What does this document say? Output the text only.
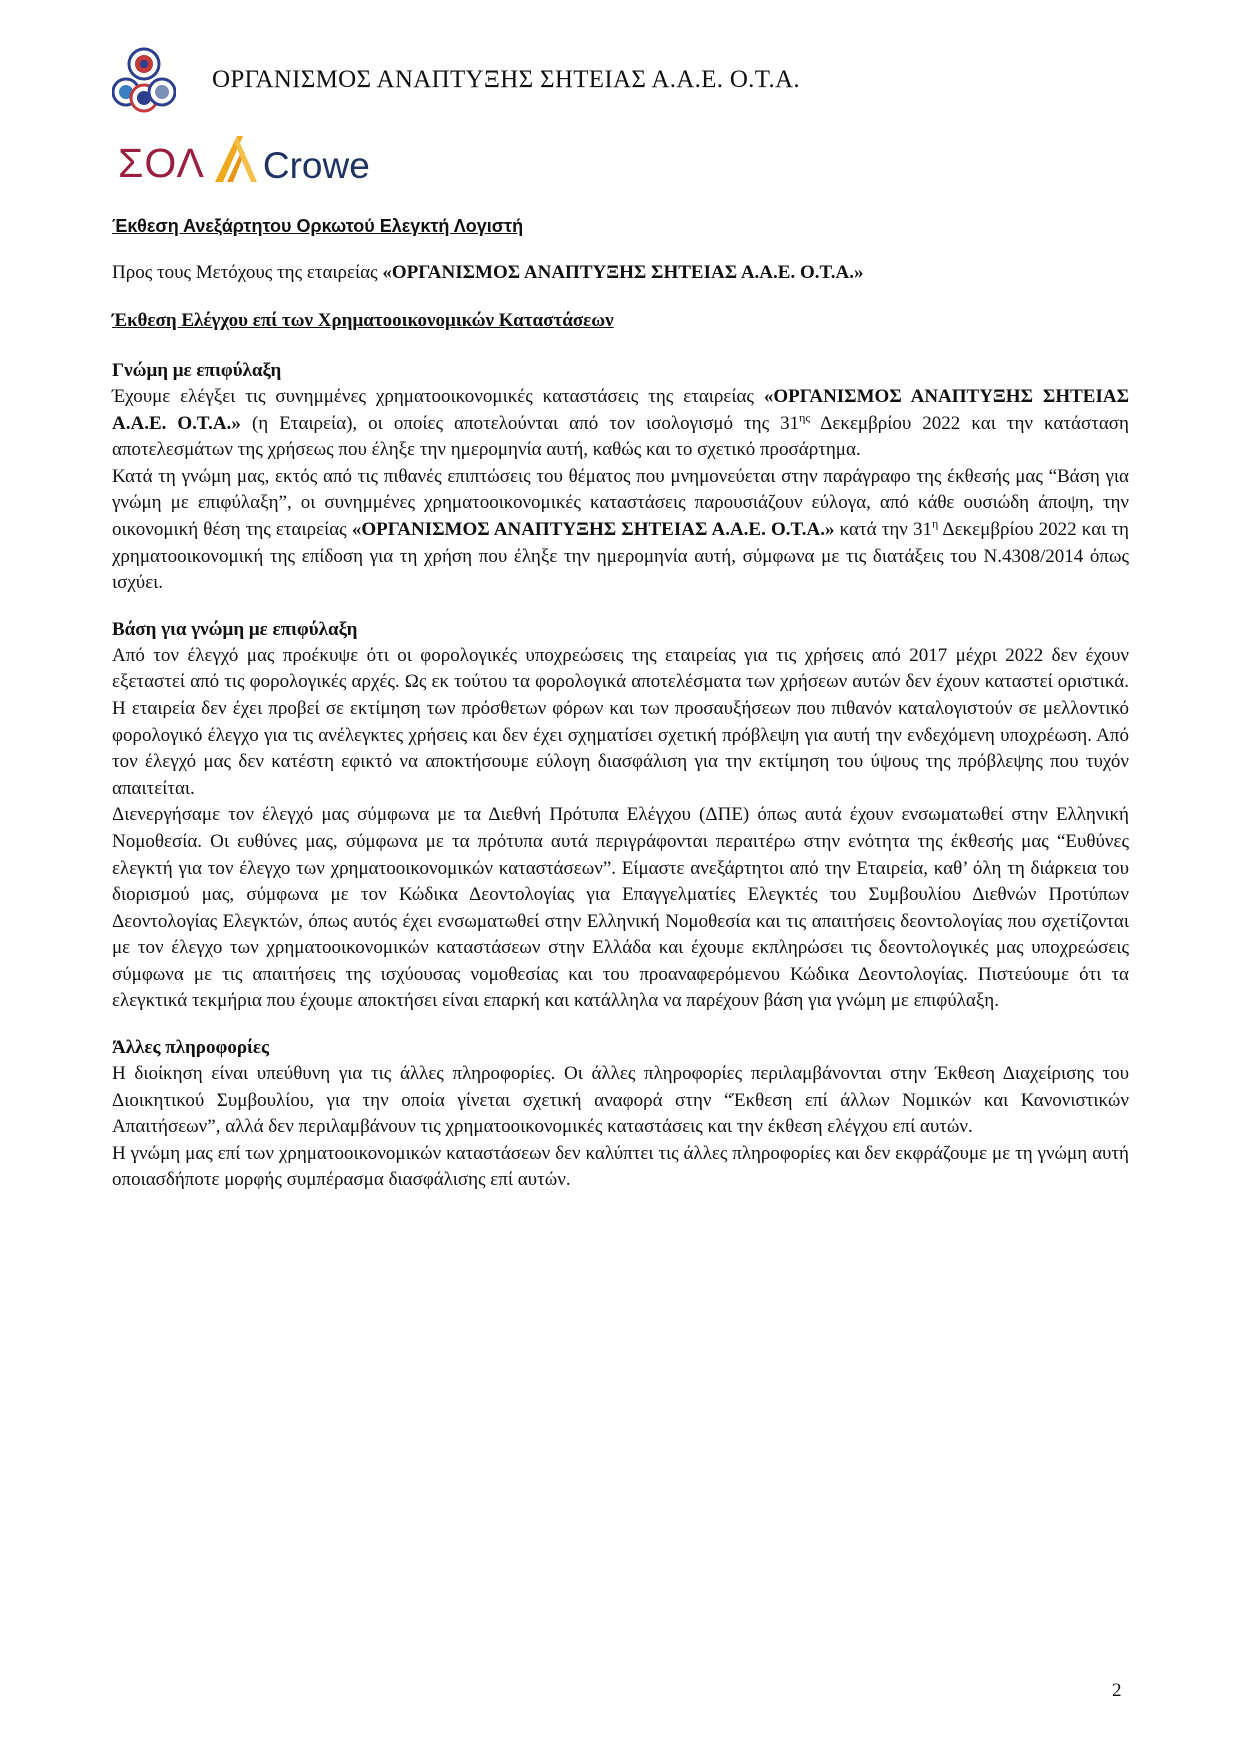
ΟΡΓΑΝΙΣΜΟΣ ΑΝΑΠΤΥΞΗΣ ΣΗΤΕΙΑΣ Α.Α.Ε. Ο.Τ.Α.
ΣΟΛ Crowe
Έκθεση Ανεξάρτητου Ορκωτού Ελεγκτή Λογιστή
Προς τους Μετόχους της εταιρείας «ΟΡΓΑΝΙΣΜΟΣ ΑΝΑΠΤΥΞΗΣ ΣΗΤΕΙΑΣ Α.Α.Ε. Ο.Τ.Α.»
Έκθεση Ελέγχου επί των Χρηματοοικονομικών Καταστάσεων
Γνώμη με επιφύλαξη

Έχουμε ελέγξει τις συνημμένες χρηματοοικονομικές καταστάσεις της εταιρείας «ΟΡΓΑΝΙΣΜΟΣ ΑΝΑΠΤΥΞΗΣ ΣΗΤΕΙΑΣ Α.Α.Ε. Ο.Τ.Α.» (η Εταιρεία), οι οποίες αποτελούνται από τον ισολογισμό της $31^{\eta\varsigma}$ Δεκεμβρίου 2022 και την κατάσταση αποτελεσμάτων της χρήσεως που έληξε την ημερομηνία αυτή, καθώς και το σχετικό προσάρτημα.

Κατά τη γνώμη μας, εκτός από τις πιθανές επιπτώσεις του θέματος που μνημονεύεται στην παράγραφο της έκθεσής μας “Βάση για γνώμη με επιφύλαξη”, οι συνημμένες χρηματοοικονομικές καταστάσεις παρουσιάζουν εύλογα, από κάθε ουσιώδη άποψη, την οικονομική θέση της εταιρείας «ΟΡΓΑΝΙΣΜΟΣ ΑΝΑΠΤΥΞΗΣ ΣΗΤΕΙΑΣ Α.Α.Ε. Ο.Τ.Α.» κατά την $31^\eta$ Δεκεμβρίου 2022 και τη χρηματοοικονομική της επίδοση για τη χρήση που έληξε την ημερομηνία αυτή, σύμφωνα με τις διατάξεις του Ν.4308/2014 όπως ισχύει.

Βάση για γνώμη με επιφύλαξη

Από τον έλεγχό μας προέκυψε ότι οι φορολογικές υποχρεώσεις της εταιρείας για τις χρήσεις από 2017 μέχρι 2022 δεν έχουν εξεταστεί από τις φορολογικές αρχές. Ως εκ τούτου τα φορολογικά αποτελέσματα των χρήσεων αυτών δεν έχουν καταστεί οριστικά. Η εταιρεία δεν έχει προβεί σε εκτίμηση των πρόσθετων φόρων και των προσαυξήσεων που πιθανόν καταλογιστούν σε μελλοντικό φορολογικό έλεγχο για τις ανέλεγκτες χρήσεις και δεν έχει σχηματίσει σχετική πρόβλεψη για αυτή την ενδεχόμενη υποχρέωση. Από τον έλεγχό μας δεν κατέστη εφικτό να αποκτήσουμε εύλογη διασφάλιση για την εκτίμηση του ύψους της πρόβλεψης που τυχόν απαιτείται.

Διενεργήσαμε τον έλεγχό μας σύμφωνα με τα Διεθνή Πρότυπα Ελέγχου (ΔΠΕ) όπως αυτά έχουν ενσωματωθεί στην Ελληνική Νομοθεσία. Οι ευθύνες μας, σύμφωνα με τα πρότυπα αυτά περιγράφονται περαιτέρω στην ενότητα της έκθεσής μας “Ευθύνες ελεγκτή για τον έλεγχο των χρηματοοικονομικών καταστάσεων”. Είμαστε ανεξάρτητοι από την Εταιρεία, καθ’ όλη τη διάρκεια του διορισμού μας, σύμφωνα με τον Κώδικα Δεοντολογίας για Επαγγελματίες Ελεγκτές του Συμβουλίου Διεθνών Προτύπων Δεοντολογίας Ελεγκτών, όπως αυτός έχει ενσωματωθεί στην Ελληνική Νομοθεσία και τις απαιτήσεις δεοντολογίας που σχετίζονται με τον έλεγχο των χρηματοοικονομικών καταστάσεων στην Ελλάδα και έχουμε εκπληρώσει τις δεοντολογικές μας υποχρεώσεις σύμφωνα με τις απαιτήσεις της ισχύουσας νομοθεσίας και του προαναφερόμενου Κώδικα Δεοντολογίας. Πιστεύουμε ότι τα ελεγκτικά τεκμήρια που έχουμε αποκτήσει είναι επαρκή και κατάλληλα να παρέχουν βάση για γνώμη με επιφύλαξη.

Άλλες πληροφορίες

Η διοίκηση είναι υπεύθυνη για τις άλλες πληροφορίες. Οι άλλες πληροφορίες περιλαμβάνονται στην Έκθεση Διαχείρισης του Διοικητικού Συμβουλίου, για την οποία γίνεται σχετική αναφορά στην “Έκθεση επί άλλων Νομικών και Κανονιστικών Απαιτήσεων”, αλλά δεν περιλαμβάνουν τις χρηματοοικονομικές καταστάσεις και την έκθεση ελέγχου επί αυτών.

Η γνώμη μας επί των χρηματοοικονομικών καταστάσεων δεν καλύπτει τις άλλες πληροφορίες και δεν εκφράζουμε με τη γνώμη αυτή οποιασδήποτε μορφής συμπέρασμα διασφάλισης επί αυτών.

2
